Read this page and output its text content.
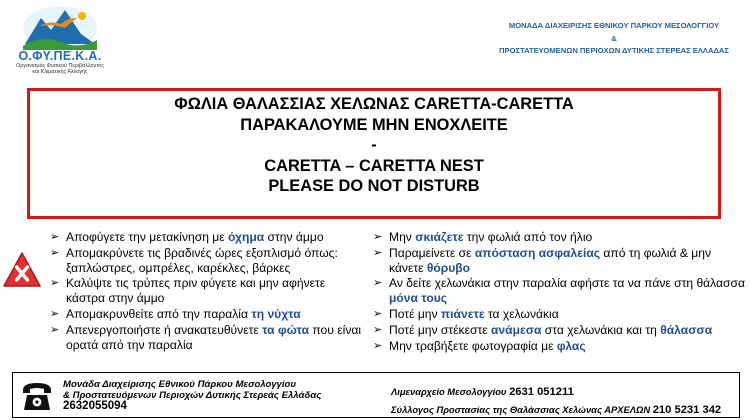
Ο.ΦΥ.ΠΕ.Κ.Α.
Οργανισμός Φυσικού Περιβάλλοντος
και Κλιματικής Αλλαγής
ΜΟΝΑΔΑ ΔΙΑΧΕΙΡΙΣΗΣ ΕΘΝΙΚΟΥ ΠΑΡΚΟΥ ΜΕΣΟΛΟΓΓΙΟΥ
&
ΠΡΟΣΤΑΤΕΥΟΜΕΝΩΝ ΠΕΡΙΟΧΩΝ ΔΥΤΙΚΗΣ ΣΤΕΡΕΑΣ ΕΛΛΑΔΑΣ
ΦΩΛΙΑ ΘΑΛΑΣΣΙΑΣ ΧΕΛΩΝΑΣ CARETTA-CARETTA
ΠΑΡΑΚΑΛΟΥΜΕ ΜΗΝ ΕΝΟΧΛΕΙΤΕ
-
CARETTA – CARETTA NEST
PLEASE DO NOT DISTURB
➢ Αποφύγετε την μετακίνηση με όχημα στην άμμο
➢ Απομακρύνετε τις βραδινές ώρες εξοπλισμό όπως: ξαπλώστρες, ομπρέλες, καρέκλες, βάρκες
➢ Καλύψτε τις τρύπες πριν φύγετε και μην αφήνετε κάστρα στην άμμο
➢ Απομακρυνθείτε από την παραλία τη νύχτα
➢ Απενεργοποιήστε ή ανακατευθύνετε τα φώτα που είναι ορατά από την παραλία
➢ Μην σκιάζετε την φωλιά από τον ήλιο
➢ Παραμείνετε σε απόσταση ασφαλείας από τη φωλιά & μην κάνετε θόρυβο
➢ Αν δείτε χελωνάκια στην παραλία αφήστε τα να πάνε στη θάλασσα μόνα τους
➢ Ποτέ μην πιάνετε τα χελωνάκια
➢ Ποτέ μην στέκεστε ανάμεσα στα χελωνάκια και τη θάλασσα
➢ Μην τραβήξετε φωτογραφία με φλας
Μονάδα Διαχείρισης Εθνικού Πάρκου Μεσολογγίου
& Προστατευόμενων Περιοχών Δυτικής Στερεάς Ελλάδας
2632055094
Λιμεναρχείο Μεσολογγίου 2631 051211
Σύλλογος Προστασίας της Θαλάσσιας Χελώνας ΑΡΧΕΛΩΝ 210 5231 342
